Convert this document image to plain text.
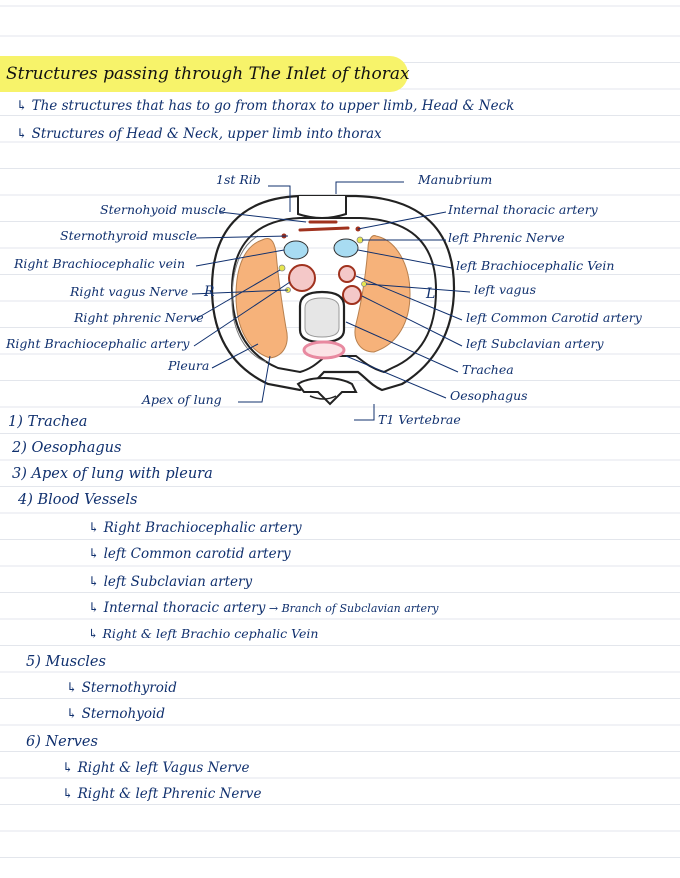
Structures passing through The Inlet of thorax
↳ The structures that has to go from thorax to upper limb, Head & Neck
↳ Structures of Head & Neck, upper limb into thorax
1st Rib	Manubrium
Sternohyoid muscle
Sternothyroid muscle
Right Brachiocephalic vein
Right vagus Nerve
Right phrenic Nerve
Right Brachiocephalic artery
Pleura
Apex of lung
Internal thoracic artery
left Phrenic Nerve
left Brachiocephalic Vein
left vagus
left Common Carotid artery
left Subclavian artery
Trachea
Oesophagus
T1 Vertebrae
R	L
1) Trachea
2) Oesophagus
3) Apex of lung with pleura
4) Blood Vessels
↳ Right Brachiocephalic artery
↳ left Common carotid artery
↳ left Subclavian artery
↳ Internal thoracic artery → Branch of Subclavian artery
↳ Right & left Brachio cephalic Vein
5) Muscles
↳ Sternothyroid
↳ Sternohyoid
6) Nerves
↳ Right & left Vagus Nerve
↳ Right & left Phrenic Nerve
